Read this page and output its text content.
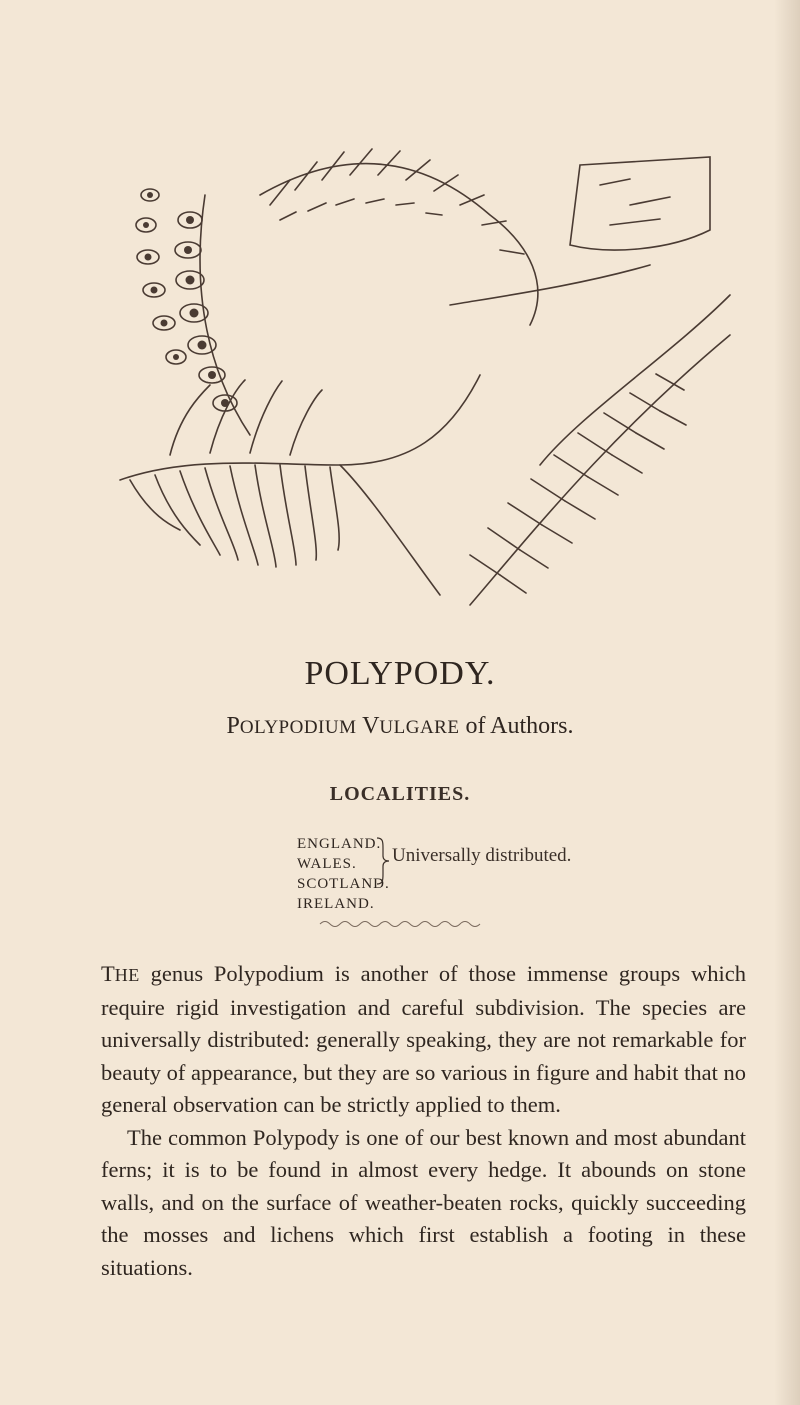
POLYPODY.
POLYPODIUM VULGARE of Authors.
LOCALITIES.
ENGLAND.
WALES.
SCOTLAND.
IRELAND.
Universally distributed.

THE genus Polypodium is another of those immense groups which require rigid investigation and careful subdivision. The species are universally distributed: generally speaking, they are not remarkable for beauty of appearance, but they are so various in figure and habit that no general observation can be strictly applied to them.

The common Polypody is one of our best known and most abundant ferns; it is to be found in almost every hedge. It abounds on stone walls, and on the surface of weather-beaten rocks, quickly succeeding the mosses and lichens which first establish a footing in these situations.
